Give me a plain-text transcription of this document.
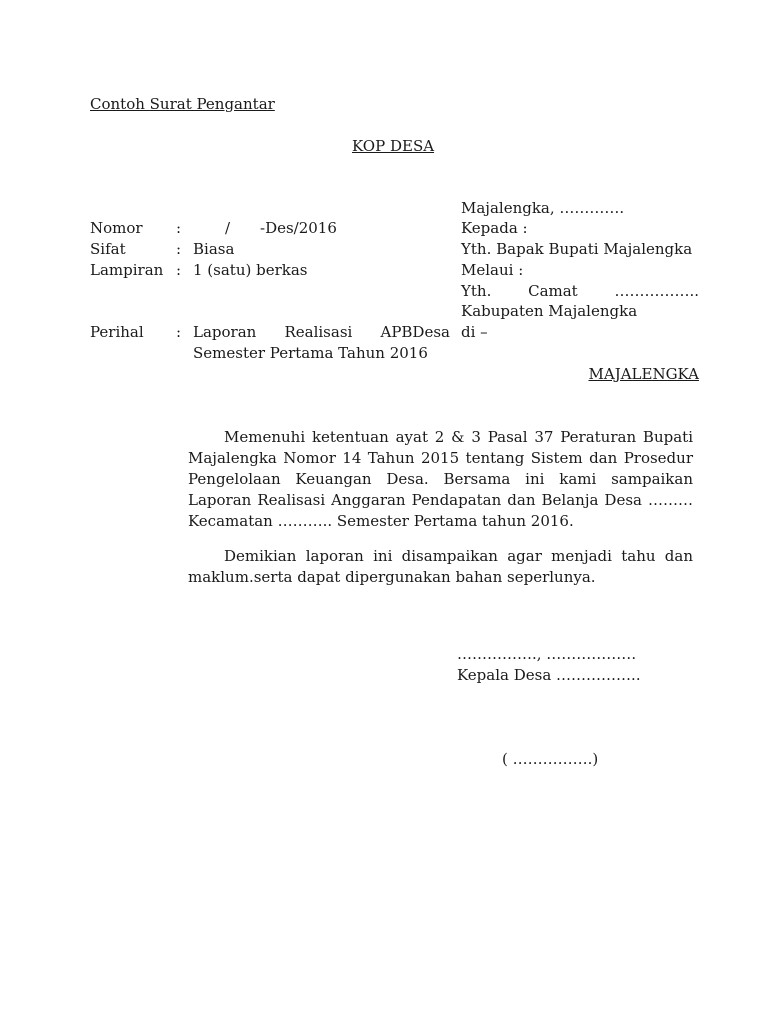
Contoh Surat Pengantar
KOP DESA
Majalengka, ………….
Nomor :	/ -Des/2016
Sifat	: Biasa
Lampiran : 1 (satu) berkas
Perihal : Laporan Realisasi APBDesa
Semester Pertama Tahun 2016
Kepada :
Yth. Bapak Bupati Majalengka
Melaui :
Yth. Camat ……………..
Kabupaten Majalengka
di –
MAJALENGKA

Memenuhi ketentuan ayat 2 & 3 Pasal 37 Peraturan Bupati Majalengka Nomor 14 Tahun 2015 tentang Sistem dan Prosedur Pengelolaan Keuangan Desa. Bersama ini kami sampaikan Laporan Realisasi Anggaran Pendapatan dan Belanja Desa ……… Kecamatan ……….. Semester Pertama tahun 2016.

Demikian laporan ini disampaikan agar menjadi tahu dan maklum.serta dapat dipergunakan bahan seperlunya.

……………., ………………
Kepala Desa ……………..
( …………….)
